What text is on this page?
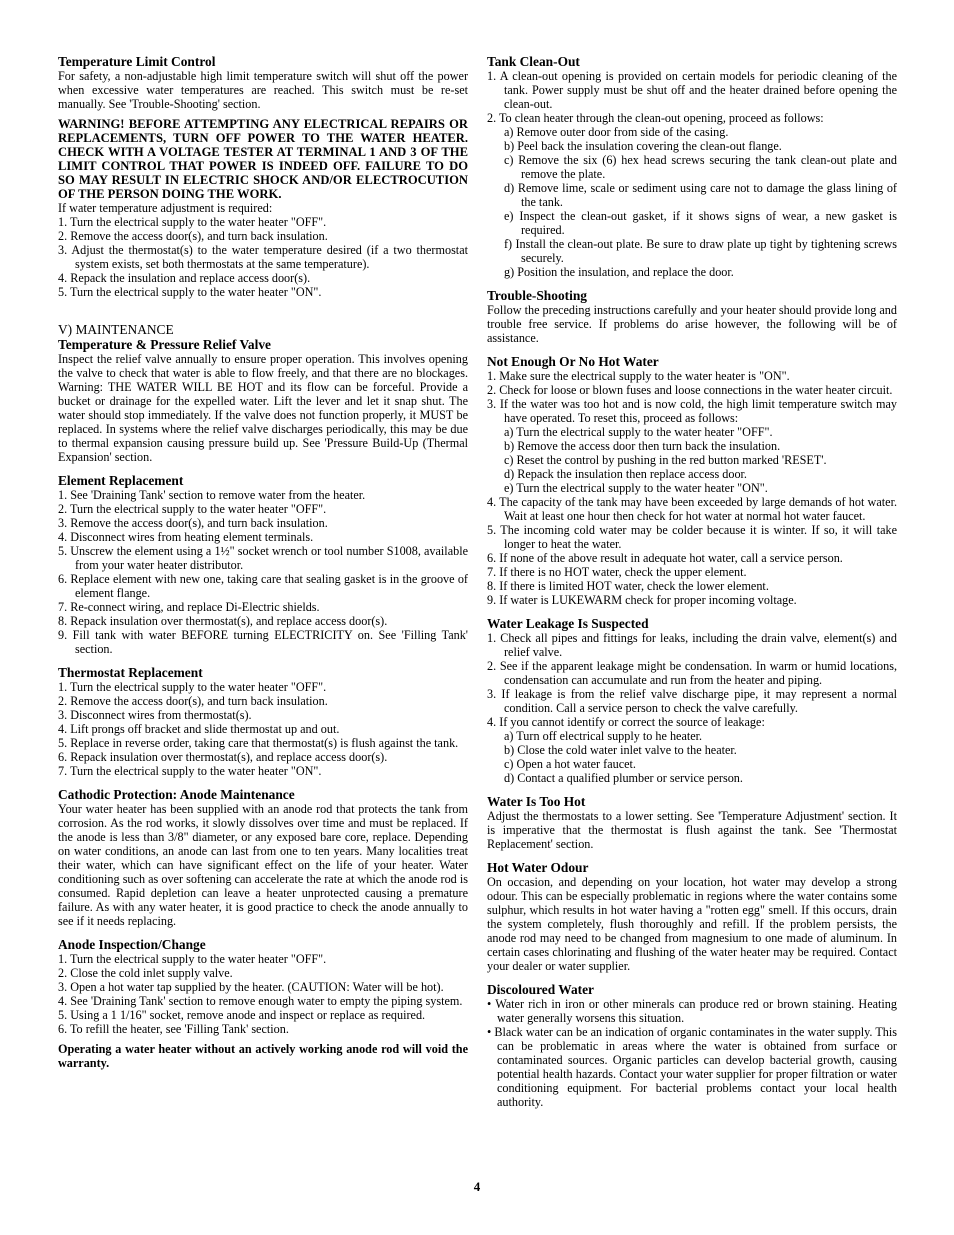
Temperature Limit Control

For safety, a non-adjustable high limit temperature switch will shut off the power when excessive water temperatures are reached. This switch must be re-set manually. See 'Trouble-Shooting' section.

WARNING! BEFORE ATTEMPTING ANY ELECTRICAL REPAIRS OR REPLACEMENTS, TURN OFF POWER TO THE WATER HEATER. CHECK WITH A VOLTAGE TESTER AT TERMINAL 1 AND 3 OF THE LIMIT CONTROL THAT POWER IS INDEED OFF. FAILURE TO DO SO MAY RESULT IN ELECTRIC SHOCK AND/OR ELECTROCUTION OF THE PERSON DOING THE WORK.

If water temperature adjustment is required:

1. Turn the electrical supply to the water heater "OFF".
2. Remove the access door(s), and turn back insulation.
3. Adjust the thermostat(s) to the water temperature desired (if a two thermostat system exists, set both thermostats at the same temperature).
4. Repack the insulation and replace access door(s).
5. Turn the electrical supply to the water heater "ON".
V) MAINTENANCE
Temperature & Pressure Relief Valve

Inspect the relief valve annually to ensure proper operation. This involves opening the valve to check that water is able to flow freely, and that there are no blockages. Warning: THE WATER WILL BE HOT and its flow can be forceful. Provide a bucket or drainage for the expelled water. Lift the lever and let it snap shut. The water should stop immediately. If the valve does not function properly, it MUST be replaced. In systems where the relief valve discharges periodically, this may be due to thermal expansion causing pressure build up. See 'Pressure Build-Up (Thermal Expansion' section.

Element Replacement
1. See 'Draining Tank' section to remove water from the heater.
2. Turn the electrical supply to the water heater "OFF".
3. Remove the access door(s), and turn back insulation.
4. Disconnect wires from heating element terminals.
5. Unscrew the element using a 1½" socket wrench or tool number S1008, available from your water heater distributor.
6. Replace element with new one, taking care that sealing gasket is in the groove of element flange.
7. Re-connect wiring, and replace Di-Electric shields.
8. Repack insulation over thermostat(s), and replace access door(s).
9. Fill tank with water BEFORE turning ELECTRICITY on. See 'Filling Tank' section.
Thermostat Replacement
1. Turn the electrical supply to the water heater "OFF".
2. Remove the access door(s), and turn back insulation.
3. Disconnect wires from thermostat(s).
4. Lift prongs off bracket and slide thermostat up and out.
5. Replace in reverse order, taking care that thermostat(s) is flush against the tank.
6. Repack insulation over thermostat(s), and replace access door(s).
7. Turn the electrical supply to the water heater "ON".
Cathodic Protection: Anode Maintenance

Your water heater has been supplied with an anode rod that protects the tank from corrosion. As the rod works, it slowly dissolves over time and must be replaced. If the anode is less than 3/8" diameter, or any exposed bare core, replace. Depending on water conditions, an anode can last from one to ten years. Many localities treat their water, which can have significant effect on the life of your heater. Water conditioning such as over softening can accelerate the rate at which the anode rod is consumed. Rapid depletion can leave a heater unprotected causing a premature failure. As with any water heater, it is good practice to check the anode annually to see if it needs replacing.

Anode Inspection/Change
1. Turn the electrical supply to the water heater "OFF".
2. Close the cold inlet supply valve.
3. Open a hot water tap supplied by the heater. (CAUTION: Water will be hot).
4. See 'Draining Tank' section to remove enough water to empty the piping system.
5. Using a 1 1/16" socket, remove anode and inspect or replace as required.
6. To refill the heater, see 'Filling Tank' section.

Operating a water heater without an actively working anode rod will void the warranty.

Tank Clean-Out

1. A clean-out opening is provided on certain models for periodic cleaning of the tank. Power supply must be shut off and the heater drained before opening the clean-out.

2. To clean heater through the clean-out opening, proceed as follows:

a) Remove outer door from side of the casing.
b) Peel back the insulation covering the clean-out flange.
c) Remove the six (6) hex head screws securing the tank clean-out plate and remove the plate.
d) Remove lime, scale or sediment using care not to damage the glass lining of the tank.
e) Inspect the clean-out gasket, if it shows signs of wear, a new gasket is required.
f) Install the clean-out plate. Be sure to draw plate up tight by tightening screws securely.
g) Position the insulation, and replace the door.
Trouble-Shooting

Follow the preceding instructions carefully and your heater should provide long and trouble free service. If problems do arise however, the following will be of assistance.

Not Enough Or No Hot Water
1. Make sure the electrical supply to the water heater is "ON".
2. Check for loose or blown fuses and loose connections in the water heater circuit.
3. If the water was too hot and is now cold, the high limit temperature switch may have operated. To reset this, proceed as follows:
a) Turn the electrical supply to the water heater "OFF".
b) Remove the access door then turn back the insulation.
c) Reset the control by pushing in the red button marked 'RESET'.
d) Repack the insulation then replace access door.
e) Turn the electrical supply to the water heater "ON".
4. The capacity of the tank may have been exceeded by large demands of hot water. Wait at least one hour then check for hot water at normal hot water faucet.
5. The incoming cold water may be colder because it is winter. If so, it will take longer to heat the water.
6. If none of the above result in adequate hot water, call a service person.
7. If there is no HOT water, check the upper element.
8. If there is limited HOT water, check the lower element.
9. If water is LUKEWARM check for proper incoming voltage.
Water Leakage Is Suspected
1. Check all pipes and fittings for leaks, including the drain valve, element(s) and relief valve.
2. See if the apparent leakage might be condensation. In warm or humid locations, condensation can accumulate and run from the heater and piping.
3. If leakage is from the relief valve discharge pipe, it may represent a normal condition. Call a service person to check the valve carefully.
4. If you cannot identify or correct the source of leakage:
a) Turn off electrical supply to he heater.
b) Close the cold water inlet valve to the heater.
c) Open a hot water faucet.
d) Contact a qualified plumber or service person.
Water Is Too Hot

Adjust the thermostats to a lower setting. See 'Temperature Adjustment' section. It is imperative that the thermostat is flush against the tank. See 'Thermostat Replacement' section.

Hot Water Odour

On occasion, and depending on your location, hot water may develop a strong odour. This can be especially problematic in regions where the water contains some sulphur, which results in hot water having a "rotten egg" smell. If this occurs, drain the system completely, flush thoroughly and refill. If the problem persists, the anode rod may need to be changed from magnesium to one made of aluminum. In certain cases chlorinating and flushing of the water heater may be required. Contact your dealer or water supplier.

Discoloured Water

• Water rich in iron or other minerals can produce red or brown staining. Heating water generally worsens this situation.

• Black water can be an indication of organic contaminates in the water supply. This can be problematic in areas where the water is obtained from surface or contaminated sources. Organic particles can develop bacterial growth, causing potential health hazards. Contact your water supplier for proper filtration or water conditioning equipment. For bacterial problems contact your local health authority.

4
